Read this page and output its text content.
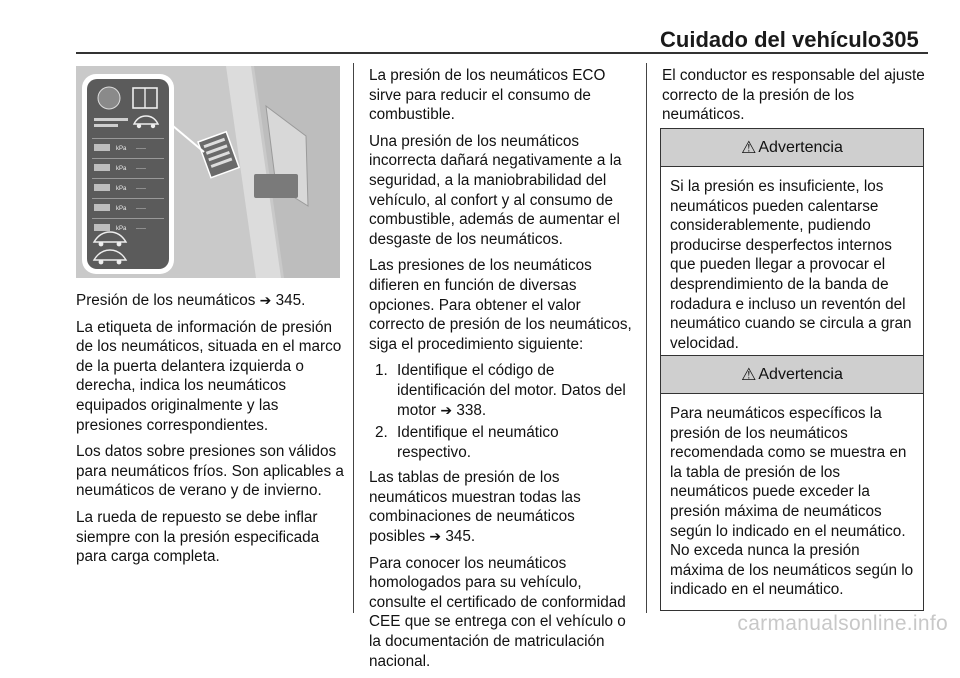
Cuidado del vehículo 305
kPa ‒‒‒
kPa ‒‒‒
kPa ‒‒‒
kPa ‒‒‒
kPa ‒‒‒

Presión de los neumáticos ➔ 345.

La etiqueta de información de presión de los neumáticos, situada en el marco de la puerta delantera izquierda o derecha, indica los neumáticos equipados originalmente y las presiones correspondientes.

Los datos sobre presiones son válidos para neumáticos fríos. Son aplicables a neumáticos de verano y de invierno.

La rueda de repuesto se debe inflar siempre con la presión especificada para carga completa.

La presión de los neumáticos ECO sirve para reducir el consumo de combustible.

Una presión de los neumáticos incorrecta dañará negativamente a la seguridad, a la maniobrabilidad del vehículo, al confort y al consumo de combustible, además de aumentar el desgaste de los neumáticos.

Las presiones de los neumáticos difieren en función de diversas opciones. Para obtener el valor correcto de presión de los neumáticos, siga el procedimiento siguiente:

1. Identifique el código de identificación del motor. Datos del motor ➔ 338.
2. Identifique el neumático respectivo.

Las tablas de presión de los neumáticos muestran todas las combinaciones de neumáticos posibles ➔ 345.

Para conocer los neumáticos homologados para su vehículo, consulte el certificado de conformidad CEE que se entrega con el vehículo o la documentación de matriculación nacional.

El conductor es responsable del ajuste correcto de la presión de los neumáticos.

⚠ Advertencia
Si la presión es insuficiente, los neumáticos pueden calentarse considerablemente, pudiendo producirse desperfectos internos que pueden llegar a provocar el desprendimiento de la banda de rodadura e incluso un reventón del neumático cuando se circula a gran velocidad.
⚠ Advertencia
Para neumáticos específicos la presión de los neumáticos recomendada como se muestra en la tabla de presión de los neumáticos puede exceder la presión máxima de neumáticos según lo indicado en el neumático. No exceda nunca la presión máxima de los neumáticos según lo indicado en el neumático.
carmanualsonline.info
